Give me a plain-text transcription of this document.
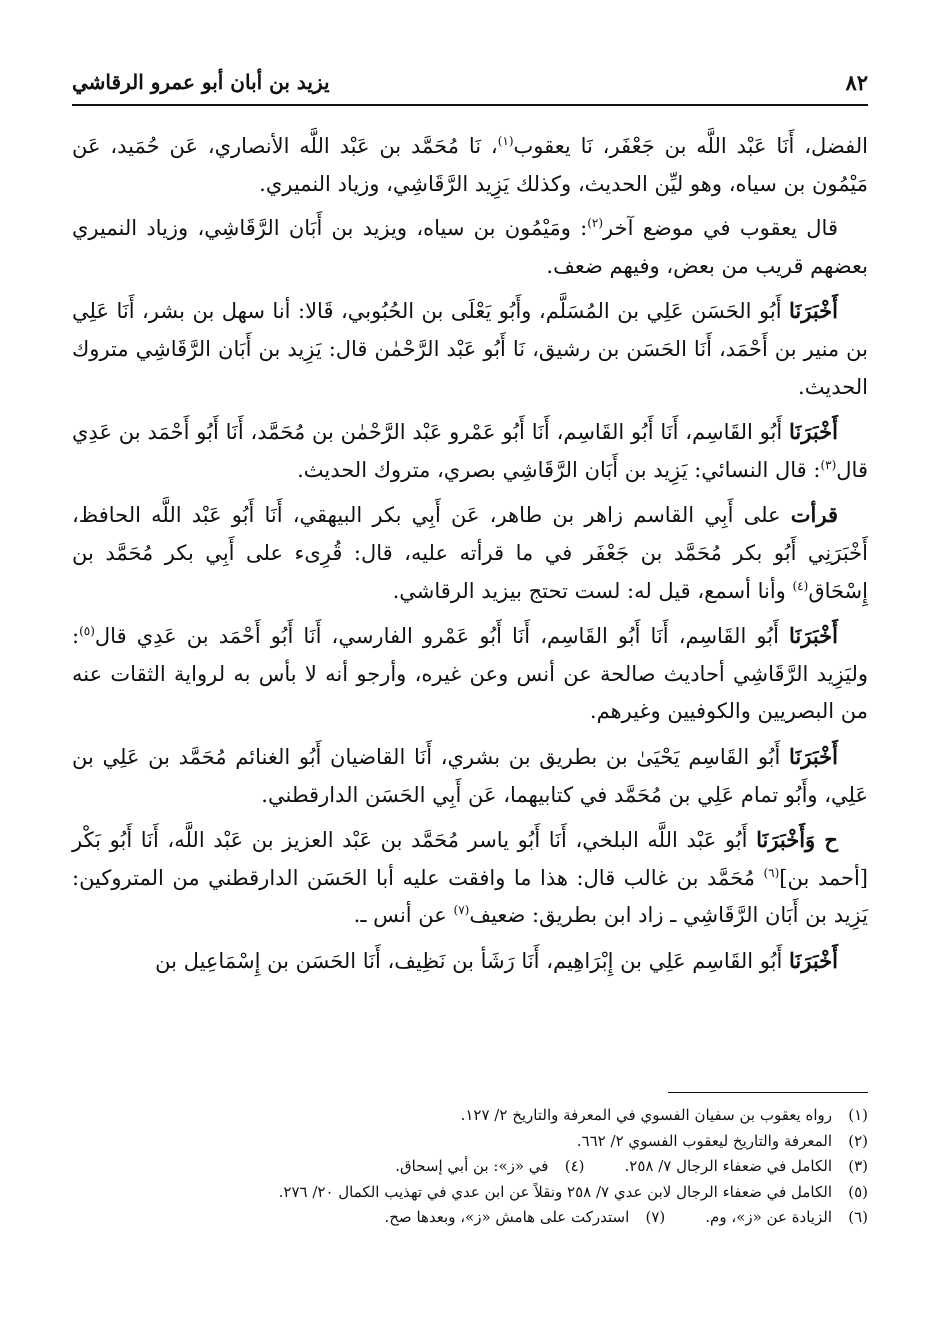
٨٢
يزيد بن أبان أبو عمرو الرقاشي

الفضل، أَنَا عَبْد اللَّه بن جَعْفَر، نَا يعقوب$^{(١)}$، نَا مُحَمَّد بن عَبْد اللَّه الأنصاري، عَن حُمَيد، عَن مَيْمُون بن سياه، وهو ليِّن الحديث، وكذلك يَزِيد الرَّقَاشِي، وزياد النميري.

قال يعقوب في موضع آخر$^{(٢)}$: ومَيْمُون بن سياه، ويزيد بن أَبَان الرَّقَاشِي، وزياد النميري بعضهم قريب من بعض، وفيهم ضعف.

أَخْبَرَنَا أَبُو الحَسَن عَلِي بن المُسَلَّم، وأَبُو يَعْلَى بن الحُبُوبي، قَالا: أنا سهل بن بشر، أَنَا عَلِي بن منير بن أَحْمَد، أَنَا الحَسَن بن رشيق، نَا أَبُو عَبْد الرَّحْمٰن قال: يَزِيد بن أَبَان الرَّقَاشِي متروك الحديث.

أَخْبَرَنَا أَبُو القَاسِم، أَنَا أَبُو القَاسِم، أَنَا أَبُو عَمْرو عَبْد الرَّحْمٰن بن مُحَمَّد، أَنَا أَبُو أَحْمَد بن عَدِي قال$^{(٣)}$: قال النسائي: يَزِيد بن أَبَان الرَّقَاشِي بصري، متروك الحديث.

قرأت على أَبِي القاسم زاهر بن طاهر، عَن أَبِي بكر البيهقي، أَنَا أَبُو عَبْد اللَّه الحافظ، أَخْبَرَنِي أَبُو بكر مُحَمَّد بن جَعْفَر في ما قرأته عليه، قال: قُرِىء على أَبِي بكر مُحَمَّد بن إِسْحَاق$^{(٤)}$ وأنا أسمع، قيل له: لست تحتج بيزيد الرقاشي.

أَخْبَرَنَا أَبُو القَاسِم، أَنَا أَبُو القَاسِم، أَنَا أَبُو عَمْرو الفارسي، أَنَا أَبُو أَحْمَد بن عَدِي قال$^{(٥)}$: وليَزِيد الرَّقَاشِي أحاديث صالحة عن أنس وعن غيره، وأرجو أنه لا بأس به لرواية الثقات عنه من البصريين والكوفيين وغيرهم.

أَخْبَرَنَا أَبُو القَاسِم يَحْيَىٰ بن بطريق بن بشري، أَنَا القاضيان أَبُو الغنائم مُحَمَّد بن عَلِي بن عَلِي، وأَبُو تمام عَلِي بن مُحَمَّد في كتابيهما، عَن أَبِي الحَسَن الدارقطني.

ح وَأَخْبَرَنَا أَبُو عَبْد اللَّه البلخي، أَنَا أَبُو ياسر مُحَمَّد بن عَبْد العزيز بن عَبْد اللَّه، أَنَا أَبُو بَكْر [أحمد بن]$^{(٦)}$ مُحَمَّد بن غالب قال: هذا ما وافقت عليه أبا الحَسَن الدارقطني من المتروكين: يَزِيد بن أَبَان الرَّقَاشِي ـ زاد ابن بطريق: ضعيف$^{(٧)}$ عن أنس ـ.

أَخْبَرَنَا أَبُو القَاسِم عَلِي بن إِبْرَاهِيم، أَنَا رَشَأ بن نَظِيف، أَنَا الحَسَن بن إِسْمَاعِيل بن

(١)
رواه يعقوب بن سفيان الفسوي في المعرفة والتاريخ ٢/ ١٢٧.
(٢)
المعرفة والتاريخ ليعقوب الفسوي ٢/ ٦٦٢.
(٣)
الكامل في ضعفاء الرجال ٧/ ٢٥٨.
(٤)
في «ز»: بن أبي إسحاق.
(٥)
الكامل في ضعفاء الرجال لابن عدي ٧/ ٢٥٨ ونقلاً عن ابن عدي في تهذيب الكمال ٢٠/ ٢٧٦.
(٦)
الزيادة عن «ز»، وم.
(٧)
استدركت على هامش «ز»، وبعدها صح.
